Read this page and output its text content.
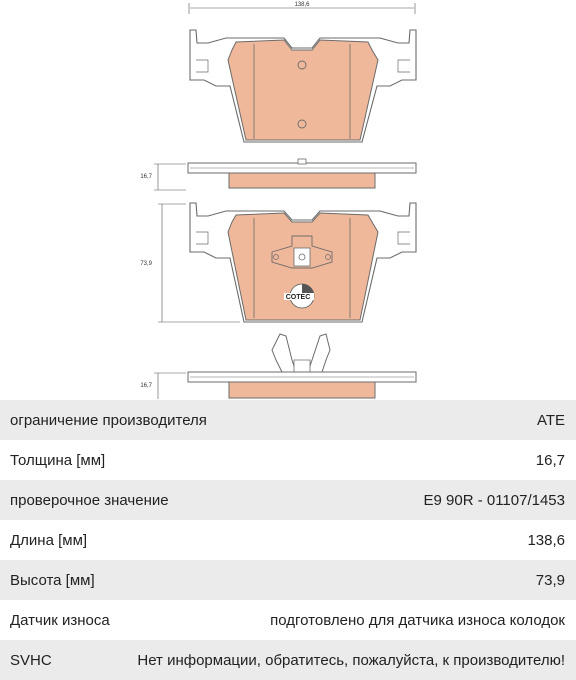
138,6
16,7
73,9
COTEC
16,7
ограничение производителя	ATE
Толщина [мм]	16,7
проверочное значение	E9 90R - 01107/1453
Длина [мм]	138,6
Высота [мм]	73,9
Датчик износа	подготовлено для датчика износа колодок
SVHC	Нет информации, обратитесь, пожалуйста, к производителю!
